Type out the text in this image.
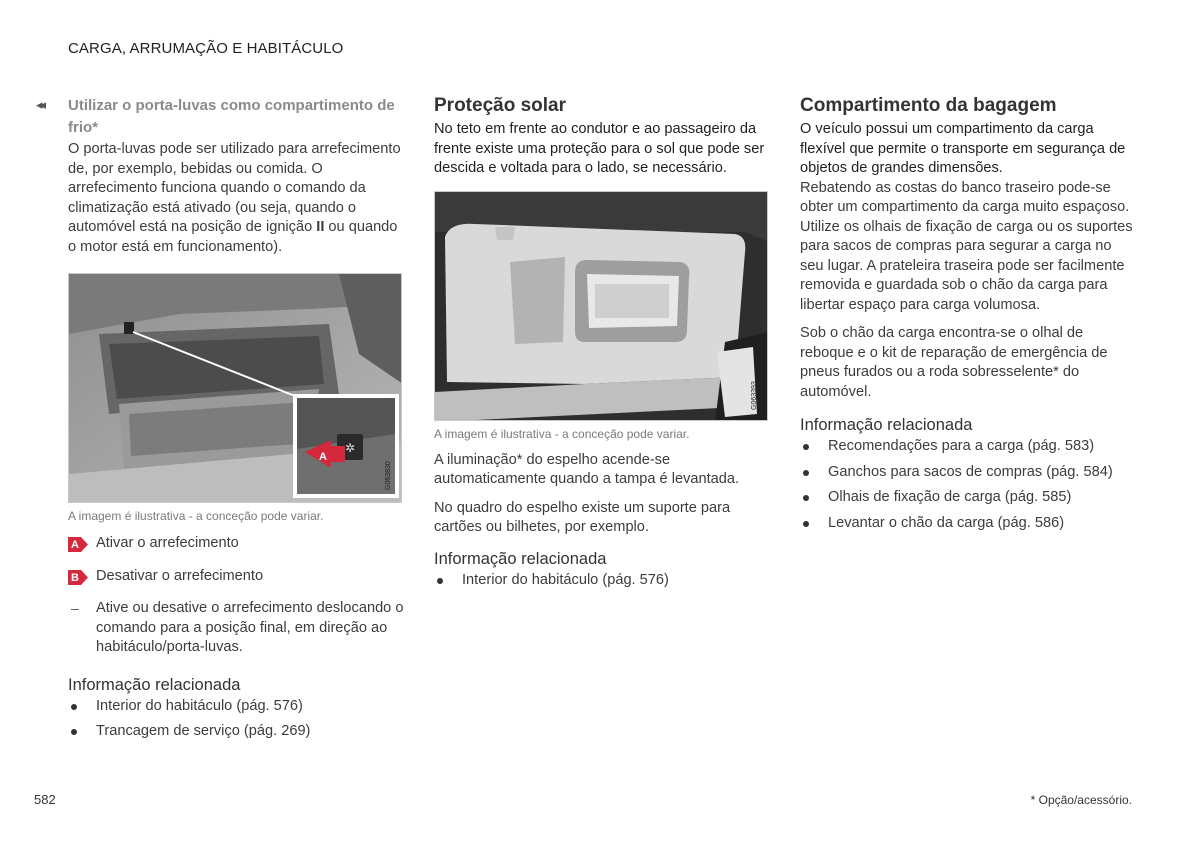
CARGA, ARRUMAÇÃO E HABITÁCULO
◂◂ Utilizar o porta-luvas como compartimento de frio*
O porta-luvas pode ser utilizado para arrefecimento de, por exemplo, bebidas ou comida. O arrefecimento funciona quando o comando da climatização está ativado (ou seja, quando o automóvel está na posição de ignição II ou quando o motor está em funcionamento).
✲
A
G063830
A imagem é ilustrativa - a conceção pode variar.
A Ativar o arrefecimento
B Desativar o arrefecimento
– Ative ou desative o arrefecimento deslocando o comando para a posição final, em direção ao habitáculo/porta-luvas.
Informação relacionada
Interior do habitáculo (pág. 576)
Trancagem de serviço (pág. 269)
Proteção solar
No teto em frente ao condutor e ao passageiro da frente existe uma proteção para o sol que pode ser descida e voltada para o lado, se necessário.
G063393
A imagem é ilustrativa - a conceção pode variar.
A iluminação* do espelho acende-se automaticamente quando a tampa é levantada.
No quadro do espelho existe um suporte para cartões ou bilhetes, por exemplo.
Informação relacionada
Interior do habitáculo (pág. 576)
Compartimento da bagagem
O veículo possui um compartimento da carga flexível que permite o transporte em segurança de objetos de grandes dimensões.
Rebatendo as costas do banco traseiro pode-se obter um compartimento da carga muito espaçoso. Utilize os olhais de fixação de carga ou os suportes para sacos de compras para segurar a carga no seu lugar. A prateleira traseira pode ser facilmente removida e guardada sob o chão da carga para libertar espaço para carga volumosa.
Sob o chão da carga encontra-se o olhal de reboque e o kit de reparação de emergência de pneus furados ou a roda sobresselente* do automóvel.
Informação relacionada
Recomendações para a carga (pág. 583)
Ganchos para sacos de compras (pág. 584)
Olhais de fixação de carga (pág. 585)
Levantar o chão da carga (pág. 586)
582	* Opção/acessório.
